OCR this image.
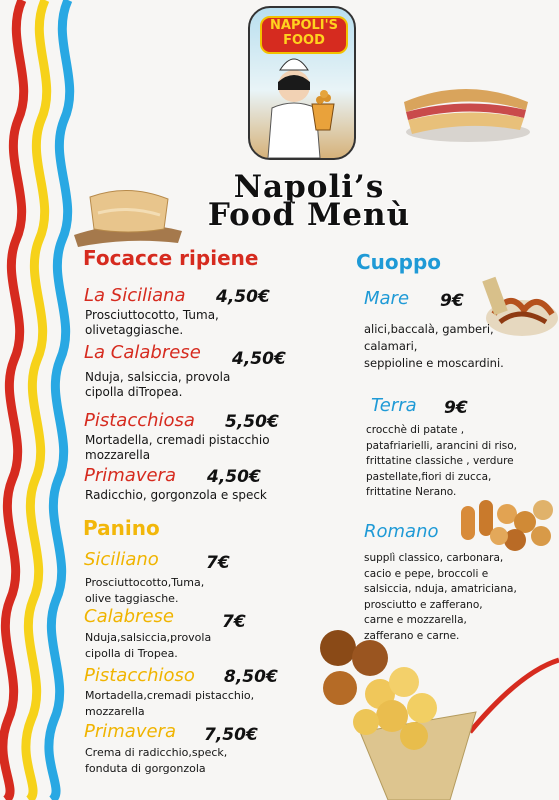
NAPOLI'S
FOOD
Napoli’s
Food Menù
Focacce ripiene
La Siciliana 4,50€
Prosciuttocotto, Tuma,
olivetaggiasche.
La Calabrese 4,50€
Nduja, salsiccia, provola
cipolla diTropea.
Pistacchiosa 5,50€
Mortadella, cremadi pistacchio
mozzarella
Primavera 4,50€
Radicchio, gorgonzola e speck
Panino
Siciliano	7€
Prosciuttocotto,Tuma,
olive taggiasche.
Calabrese	7€
Nduja,salsiccia,provola
cipolla di Tropea.
Pistacchioso 8,50€
Mortadella,cremadi pistacchio,
mozzarella
Primavera 7,50€
Crema di radicchio,speck,
fonduta di gorgonzola
Cuoppo
Mare 9€
alici,baccalà, gamberi,
calamari,
seppioline e moscardini.
Terra 9€
crocchè di patate ,
patafriarielli, arancini di riso,
frittatine classiche , verdure
pastellate,fiori di zucca,
frittatine Nerano.
Romano
supplì classico, carbonara,
cacio e pepe, broccoli e
salsiccia, nduja, amatriciana,
prosciutto e zafferano,
carne e mozzarella,
zafferano e carne.
